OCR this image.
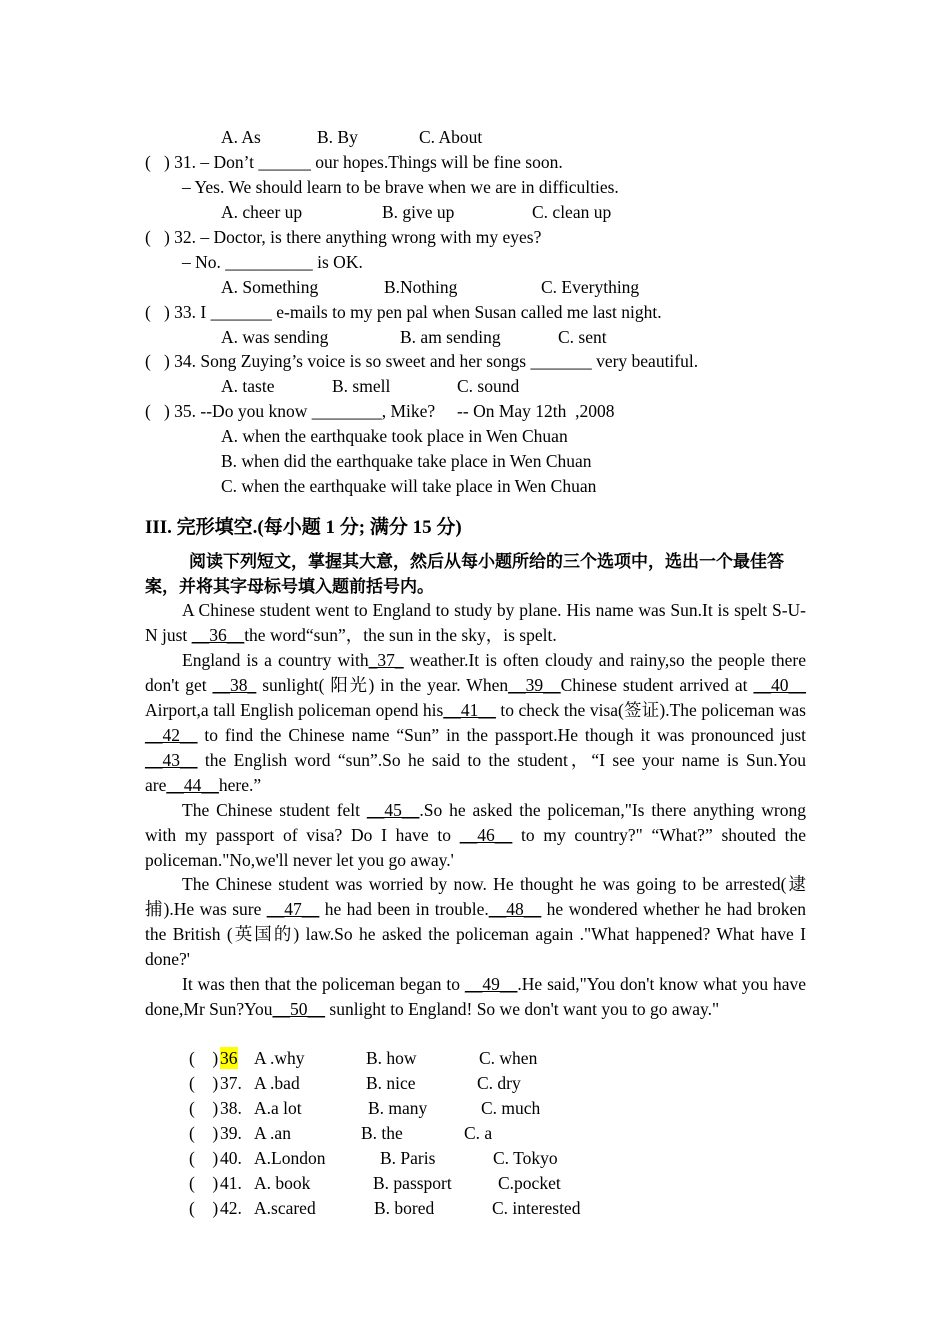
A. As	B. By	C. About
(   ) 31. – Don’t ______ our hopes.Things will be fine soon.
– Yes. We should learn to be brave when we are in difficulties.
A. cheer up	B. give up	C. clean up
(   ) 32. – Doctor, is there anything wrong with my eyes?
– No. __________ is OK.
A. Something	B.Nothing	C. Everything
(   ) 33. I _______ e-mails to my pen pal when Susan called me last night.
A. was sending	B. am sending	C. sent
(   ) 34. Song Zuying’s voice is so sweet and her songs _______ very beautiful.
A. taste	B. smell	C. sound
(   ) 35. --Do you know ________, Mike?     -- On May 12th  ,2008
A. when the earthquake took place in Wen Chuan
B. when did the earthquake take place in Wen Chuan
C. when the earthquake will take place in Wen Chuan
III. 完形填空.(每小题 1 分; 满分 15 分)
阅读下列短文，掌握其大意，然后从每小题所给的三个选项中，选出一个最佳答案，并将其字母标号填入题前括号内。
A Chinese student went to England to study by plane. His name was Sun.It is spelt S-U-N just __36__the word“sun”，the sun in the sky，is spelt.
England is a country with_37_ weather.It is often cloudy and rainy,so the people there don't get __38_ sunlight( 阳光) in the year. When__39__Chinese student arrived at __40__ Airport,a tall English policeman opend his__41__ to check the visa(签证).The policeman was __42__ to find the Chinese name “Sun” in the passport.He though it was pronounced just __43__ the English word “sun”.So he said to the student，“I see your name is Sun.You are__44__here.”
The Chinese student felt __45__.So he asked the policeman,"Is there anything wrong with my passport of visa? Do I have to __46__ to my country?" “What?” shouted the policeman."No,we'll never let you go away.'
The Chinese student was worried by now. He thought he was going to be arrested(逮捕).He was sure __47__ he had been in trouble.__48__ he wondered whether he had broken the British (英国的) law.So he asked the policeman again ."What happened? What have I done?'
It was then that the policeman began to __49__.He said,"You don't know what you have done,Mr Sun?You__50__ sunlight to England! So we don't want you to go away."
(    ) 36 A .why	B. how	C. when
(    ) 37. A .bad	B. nice	C. dry
(    ) 38. A.a lot	B. many	C. much
(    ) 39. A .an	B. the	C. a
(    ) 40. A.London	B. Paris	C. Tokyo
(    ) 41. A. book	B. passport	C.pocket
(    ) 42. A.scared	B. bored	C. interested
